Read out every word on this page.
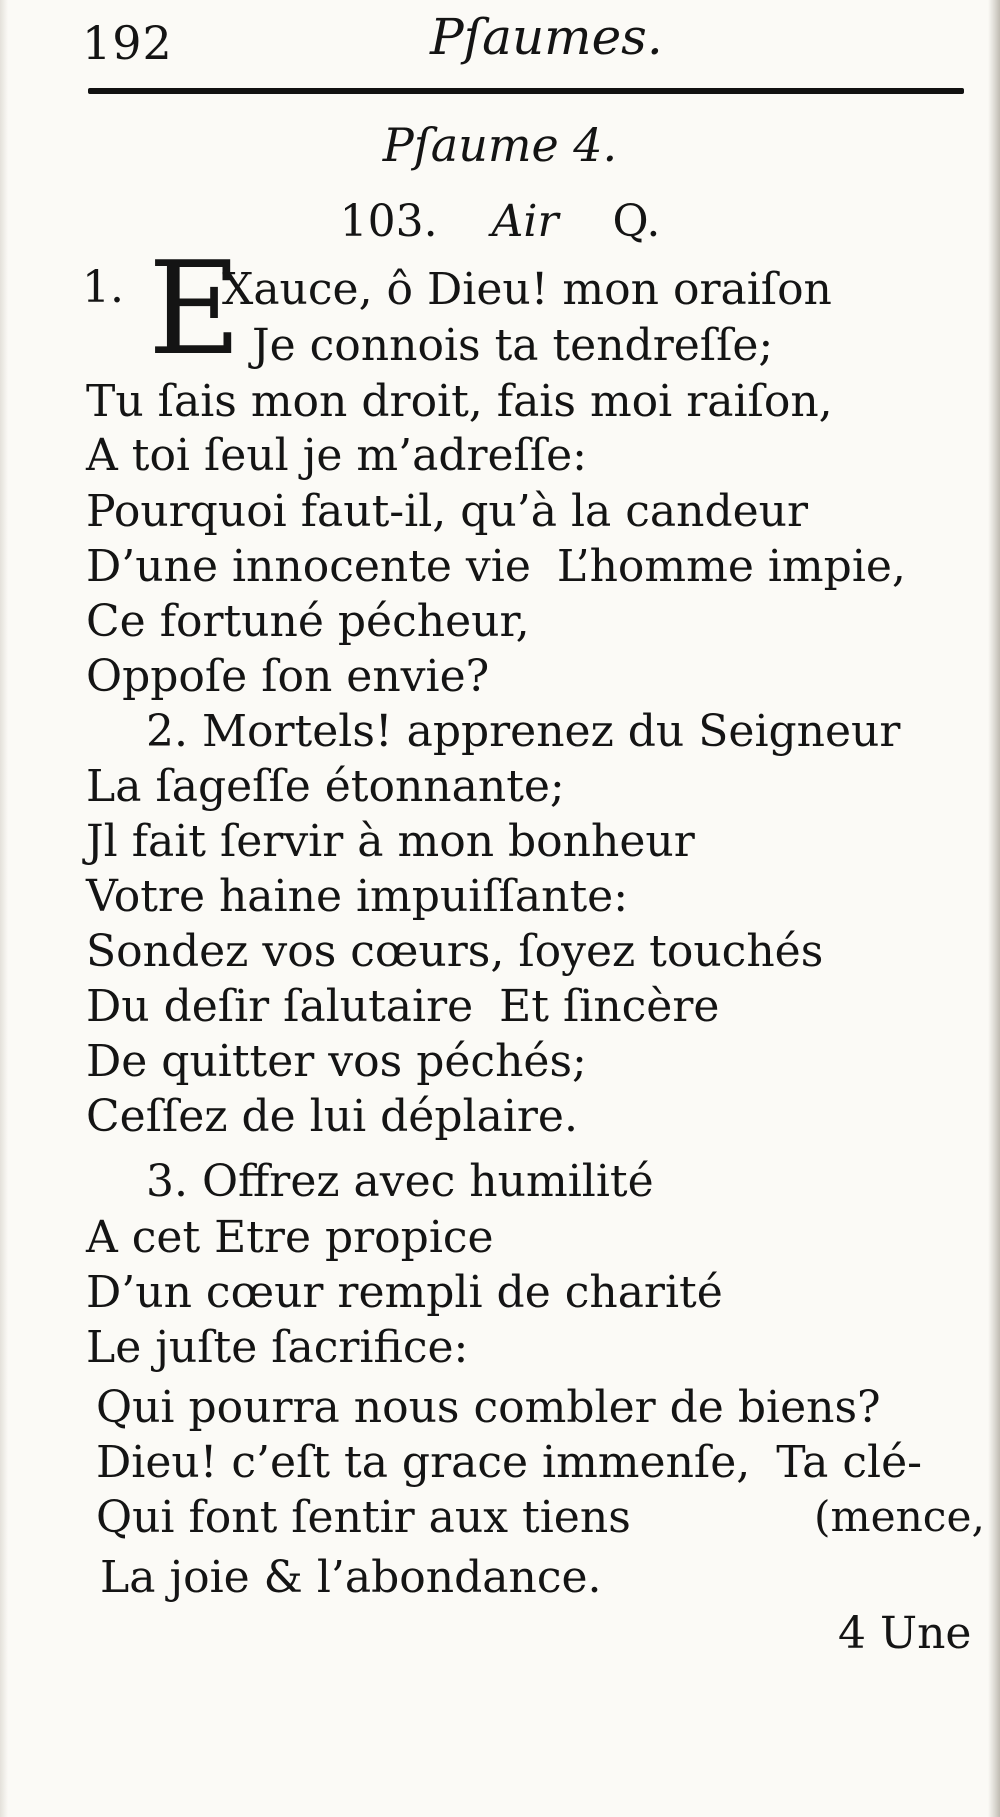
192	Pſaumes.
Pſaume 4.
103. Air Q.
1. E
Xauce, ô Dieu! mon oraiſon
Je connois ta tendreſſe;
Tu ſais mon droit, fais moi raiſon,
A toi ſeul je m’adreſſe:
Pourquoi faut-il, qu’à la candeur
D’une innocente vie L’homme impie,
Ce fortuné pécheur,
Oppoſe ſon envie?
2. Mortels! apprenez du Seigneur
La ſageſſe étonnante;
Jl fait ſervir à mon bonheur
Votre haine impuiſſante:
Sondez vos cœurs, ſoyez touchés
Du deſir ſalutaire Et ſincère
De quitter vos péchés;
Ceſſez de lui déplaire.
3. Offrez avec humilité
A cet Etre propice
D’un cœur rempli de charité
Le juſte ſacrifice:
Qui pourra nous combler de biens?
Dieu! c’eſt ta grace immenſe, Ta clé-
Qui font ſentir aux tiens	(mence,
La joie & l’abondance.
4 Une
